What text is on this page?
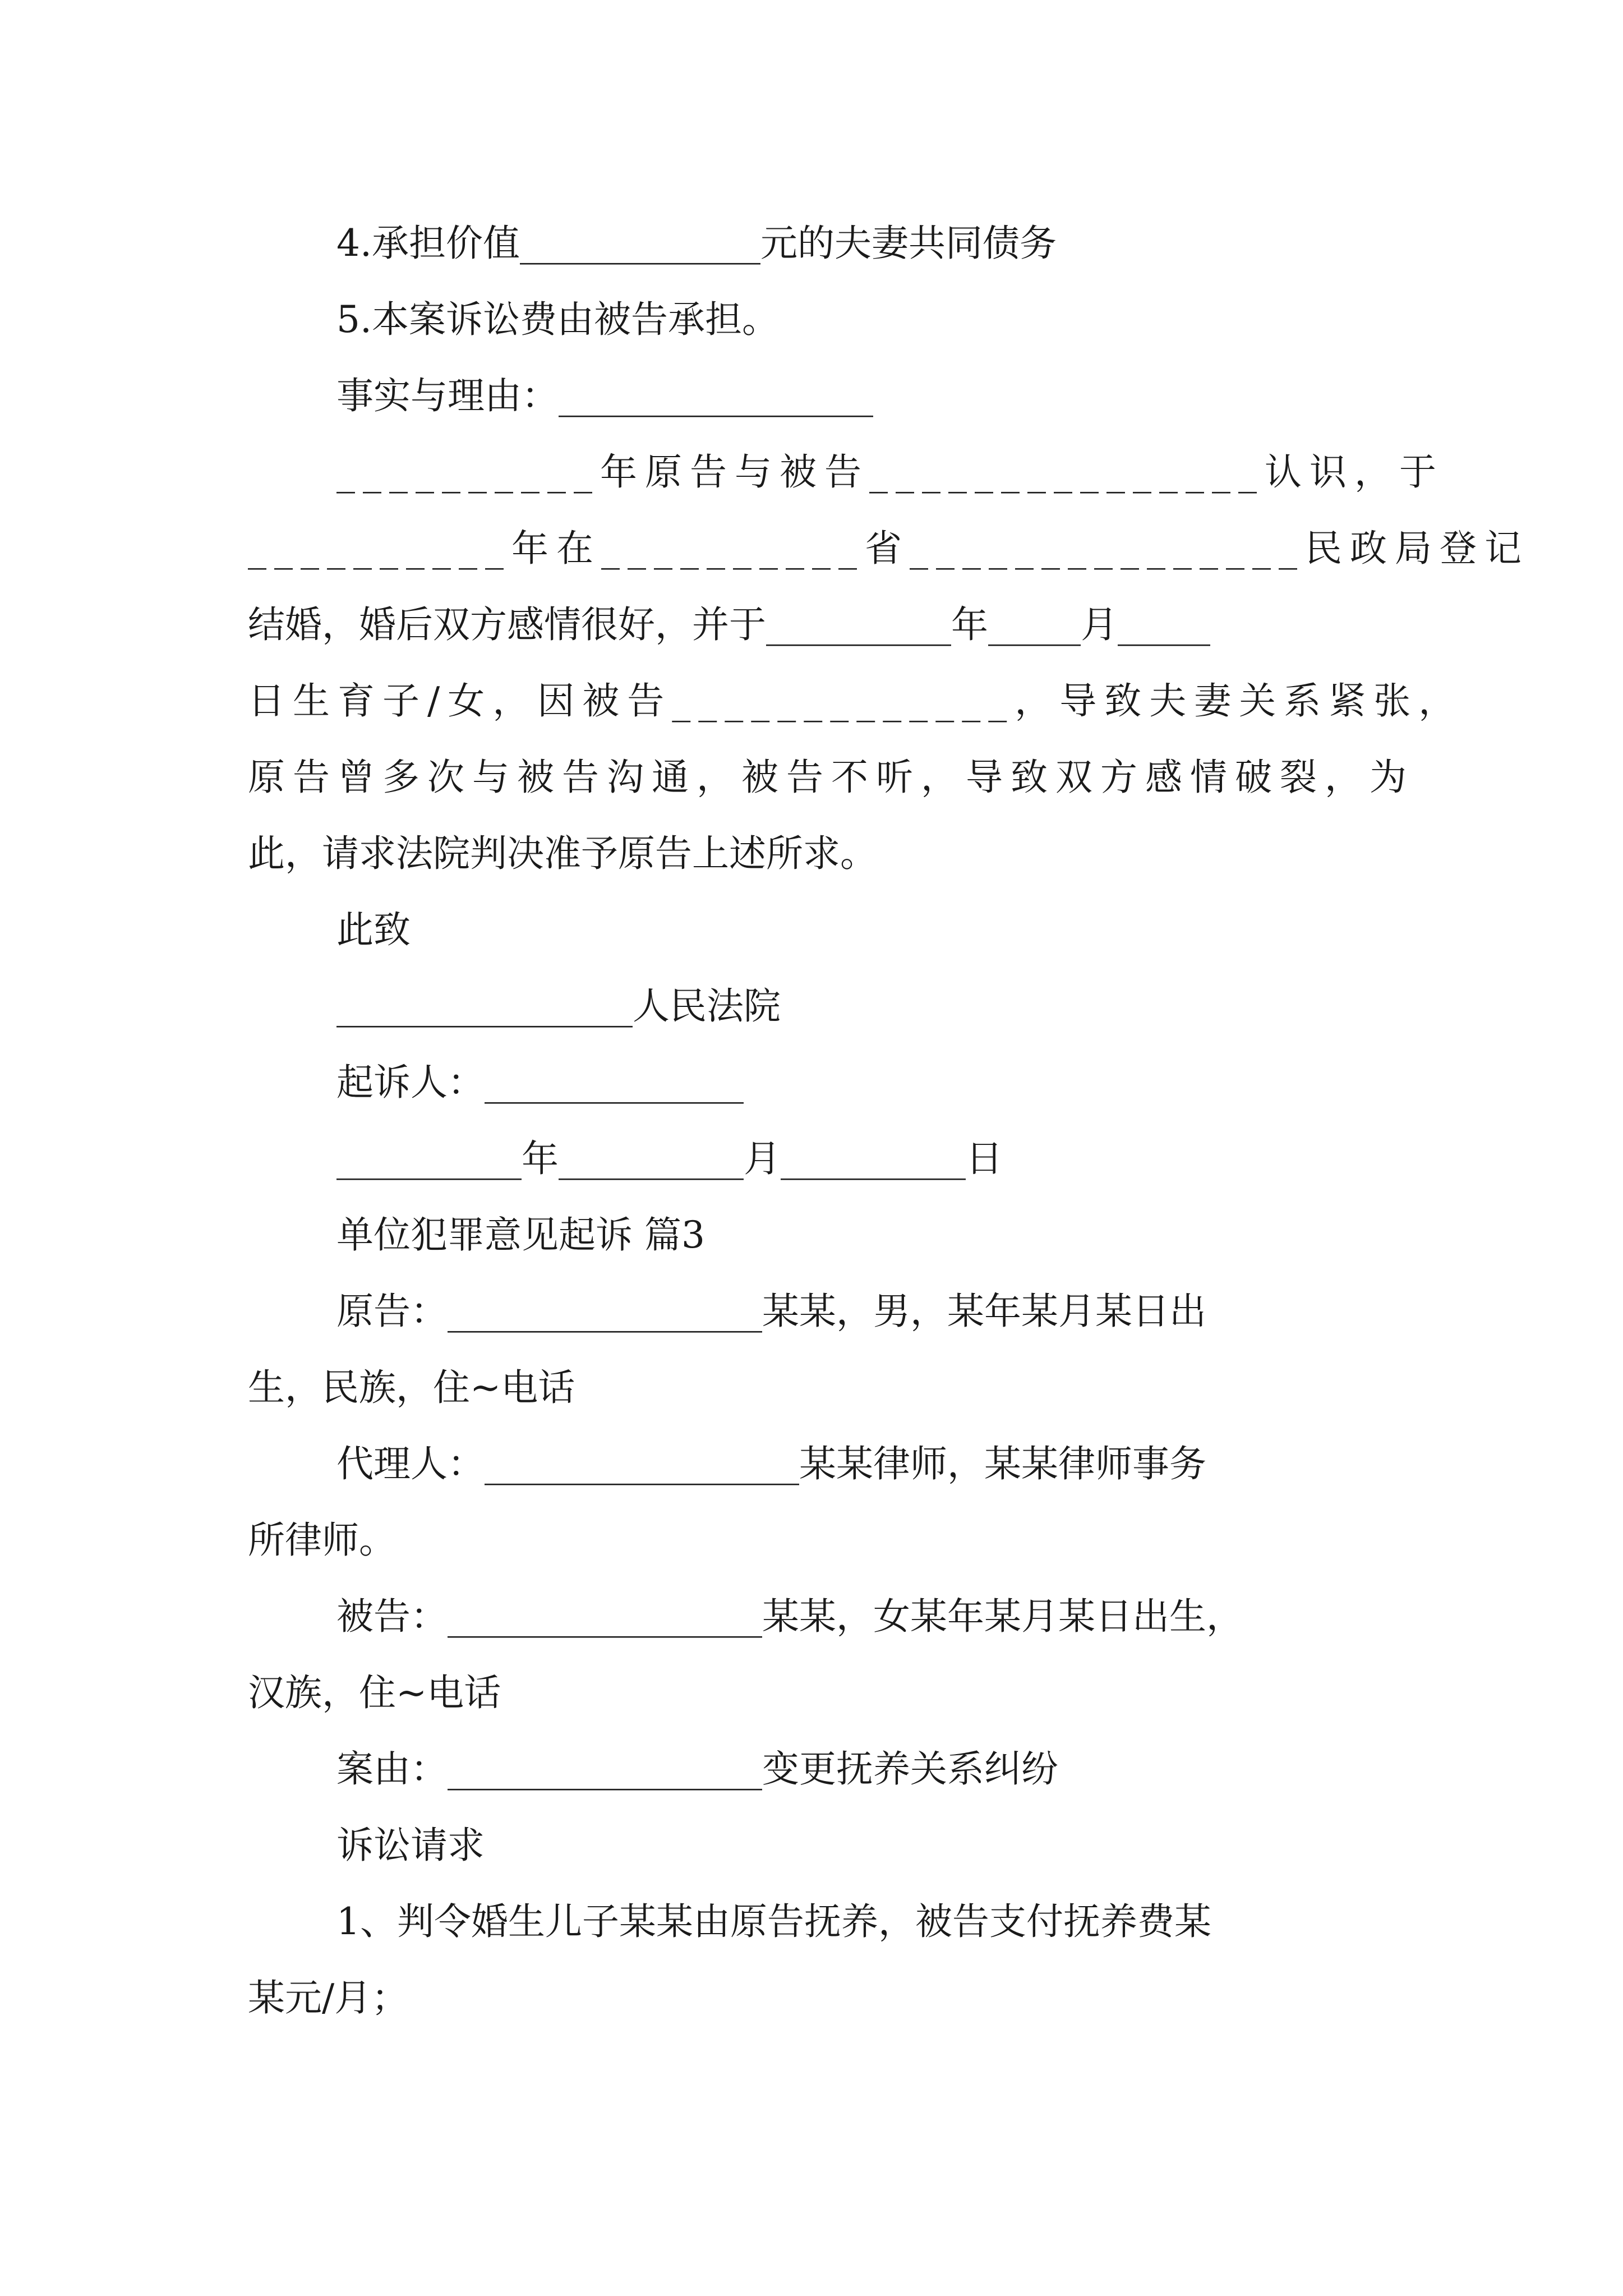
4.承担价值_____________元的夫妻共同债务
5.本案诉讼费由被告承担。
事实与理由：_________________
__________年原告与被告_______________认识，于
__________年在__________省_______________民政局登记
结婚，婚后双方感情很好，并于__________年_____月_____
日生育子/女，因被告_____________，导致夫妻关系紧张，
原告曾多次与被告沟通，被告不听，导致双方感情破裂，为
此，请求法院判决准予原告上述所求。
此致
________________人民法院
起诉人：______________
__________年__________月__________日
单位犯罪意见起诉 篇3
原告：_________________某某，男，某年某月某日出
生，民族，住~电话
代理人：_________________某某律师，某某律师事务
所律师。
被告：_________________某某，女某年某月某日出生，
汉族，住~电话
案由：_________________变更抚养关系纠纷
诉讼请求
1、判令婚生儿子某某由原告抚养，被告支付抚养费某
某元/月；
